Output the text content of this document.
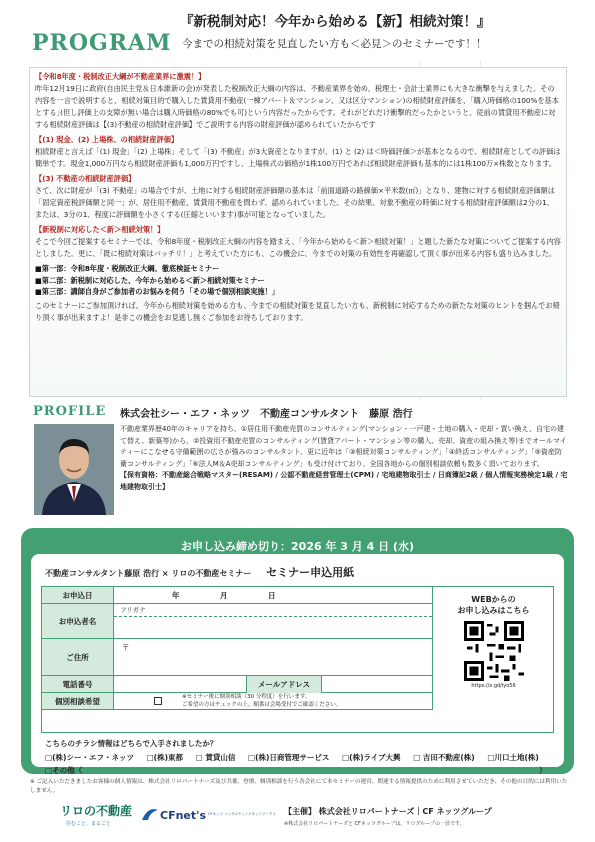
PROGRAM
『新税制対応！今年から始める【新】相続対策！』
今までの相続対策を見直したい方も＜必見＞のセミナーです！！
【令和8年度・税制改正大綱が不動産業界に激震！】
昨年12月19日に政府(自由民主党＆日本維新の会)が発表した税制改正大綱の内容は、不動産業界を始め、税理士・会計士業界にも大きな衝撃を与えました。その内容を一言で説明すると、相続対策目的で購入した賃貸用不動産(一棟アパート＆マンション、又は区分マンション)の相続財産評価を、｢購入時価格の100%を基本とする｣(但し評価上の支障が無い場合は購入時価格の80%でも可)という内容だったからです。それがどれだけ衝撃的だったかというと、従前の賃貸用不動産に対する相続財産評価は【(3)不動産の相続財産評価】でご説明する内容の財産評価が認められていたからです
【(1) 現金、(2) 上場株、の相続財産評価】
相続財産と言えば「(1) 現金」「(2) 上場株」そして「(3) 不動産」が3大資産となりますが、(1) と (2) は＜時価評価＞が基本となるので、相続財産としての評価は簡単です。現金1,000万円なら相続財産評価も1,000万円ですし、上場株式の価格が1株100万円であれば相続財産評価も基本的には1株100万×株数となります。
【(3) 不動産の相続財産評価】
さて、次に財産が「(3) 不動産」の場合ですが、土地に対する相続財産評価額の基本は「前面道路の路線価×平米数(㎡)」となり、建物に対する相続財産評価額は「固定資産税評価額と同一」が、居住用不動産、賃貸用不動産を問わず、認められていました。その結果、対象不動産の時価に対する相続財産評価額は2分の1、または、3分の1、程度に評価額を小さくする(圧縮といいます)事が可能となっていました。
【新税制に対応した＜新＞相続対策！】
そこで今回ご提案するセミナーでは、令和8年度・税制改正大綱の内容を踏まえ、「今年から始める＜新＞相続対策！」と題した新たな対策についてご提案する内容としました。更に、「既に相続対策はバッチリ！」と考えていた方にも、この機会に、今までの対策の有効性を再確認して頂く事が出来る内容も盛り込みました。
■第一部：令和8年度・税制改正大綱、徹底検証セミナー
■第二部：新税制に対応した、今年から始める＜新＞相続対策セミナー
■第三部：講師自身がご参加者のお悩みを伺う「その場で個別相談実施！」
このセミナーにご参加頂ければ、今年から相続対策を始める方も、今までの相続対策を見直したい方も、新税制に対応するための新たな対策のヒントを掴んでお帰り頂く事が出来ますよ！是非この機会をお見逃し無くご参加をお待ちしております。
PROFILE 株式会社シー・エフ・ネッツ　不動産コンサルタント　藤原 浩行
不動産業界歴40年のキャリアを持ち、①居住用不動産売買のコンサルティング(マンション・一戸建・土地の購入・売却・買い換え、自宅の建て替え、新築等)から、②投資用不動産売買のコンサルティング(賃貸アパート・マンション等の購入、売却、資産の組み換え等)までオールマイティーにこなせる守備範囲の広さが強みのコンサルタント。更に近年は「③相続対策コンサルティング」「④終活コンサルティング」「⑤資産防衛コンサルティング」「⑥法人M＆A売却コンサルティング」も受け付けており、全国各地からの個別相談依頼も数多く頂いております。
【保有資格：不動産総合戦略マスター(RESAM) / 公認不動産経営管理士(CPM) / 宅地建物取引士 / 日商簿記2級 / 個人情報実務検定1級 / 宅地建物取引士】
お申し込み締め切り：2026 年 3 月 4 日 (水)
不動産コンサルタント藤原 浩行 × リロの不動産セミナー セミナー申込用紙
お申込日	年	月	日
お申込者名
フリガナ
ご住所
〒
電話番号	メールアドレス
個別相談希望	※セミナー後に個別相談（30 分程度）を行います。
ご希望の方はチェックの上、順番は会場受付でご確認ください。
WEBからの
お申し込みはこちら
https://x.gd/lyo56
こちらのチラシ情報はどちらで入手されましたか？
□(株)シー・エフ・ネッツ □(株)東都 □ 賃貸山信 □(株)日商管理サービス □(株)ライブ大興 □ 吉田不動産(株) □川口土地(株)
□その他（	）
※ ご記入いただきましたお客様の個人情報は、株式会社リロパートナーズ及び共催、登壇、個別相談を行う各会社にて本セミナーの運営、関連する情報提供のために利用させていただき、その他の目的には利用いたしません。
リロの不動産
住むこと、まるごと
CFnet's CFネッツ コンサルティングネットワークス 【主催】 株式会社リロパートナーズ｜CF ネッツグループ
※株式会社リロパートナーズと CFネッツグループは、リログループの一員です。
